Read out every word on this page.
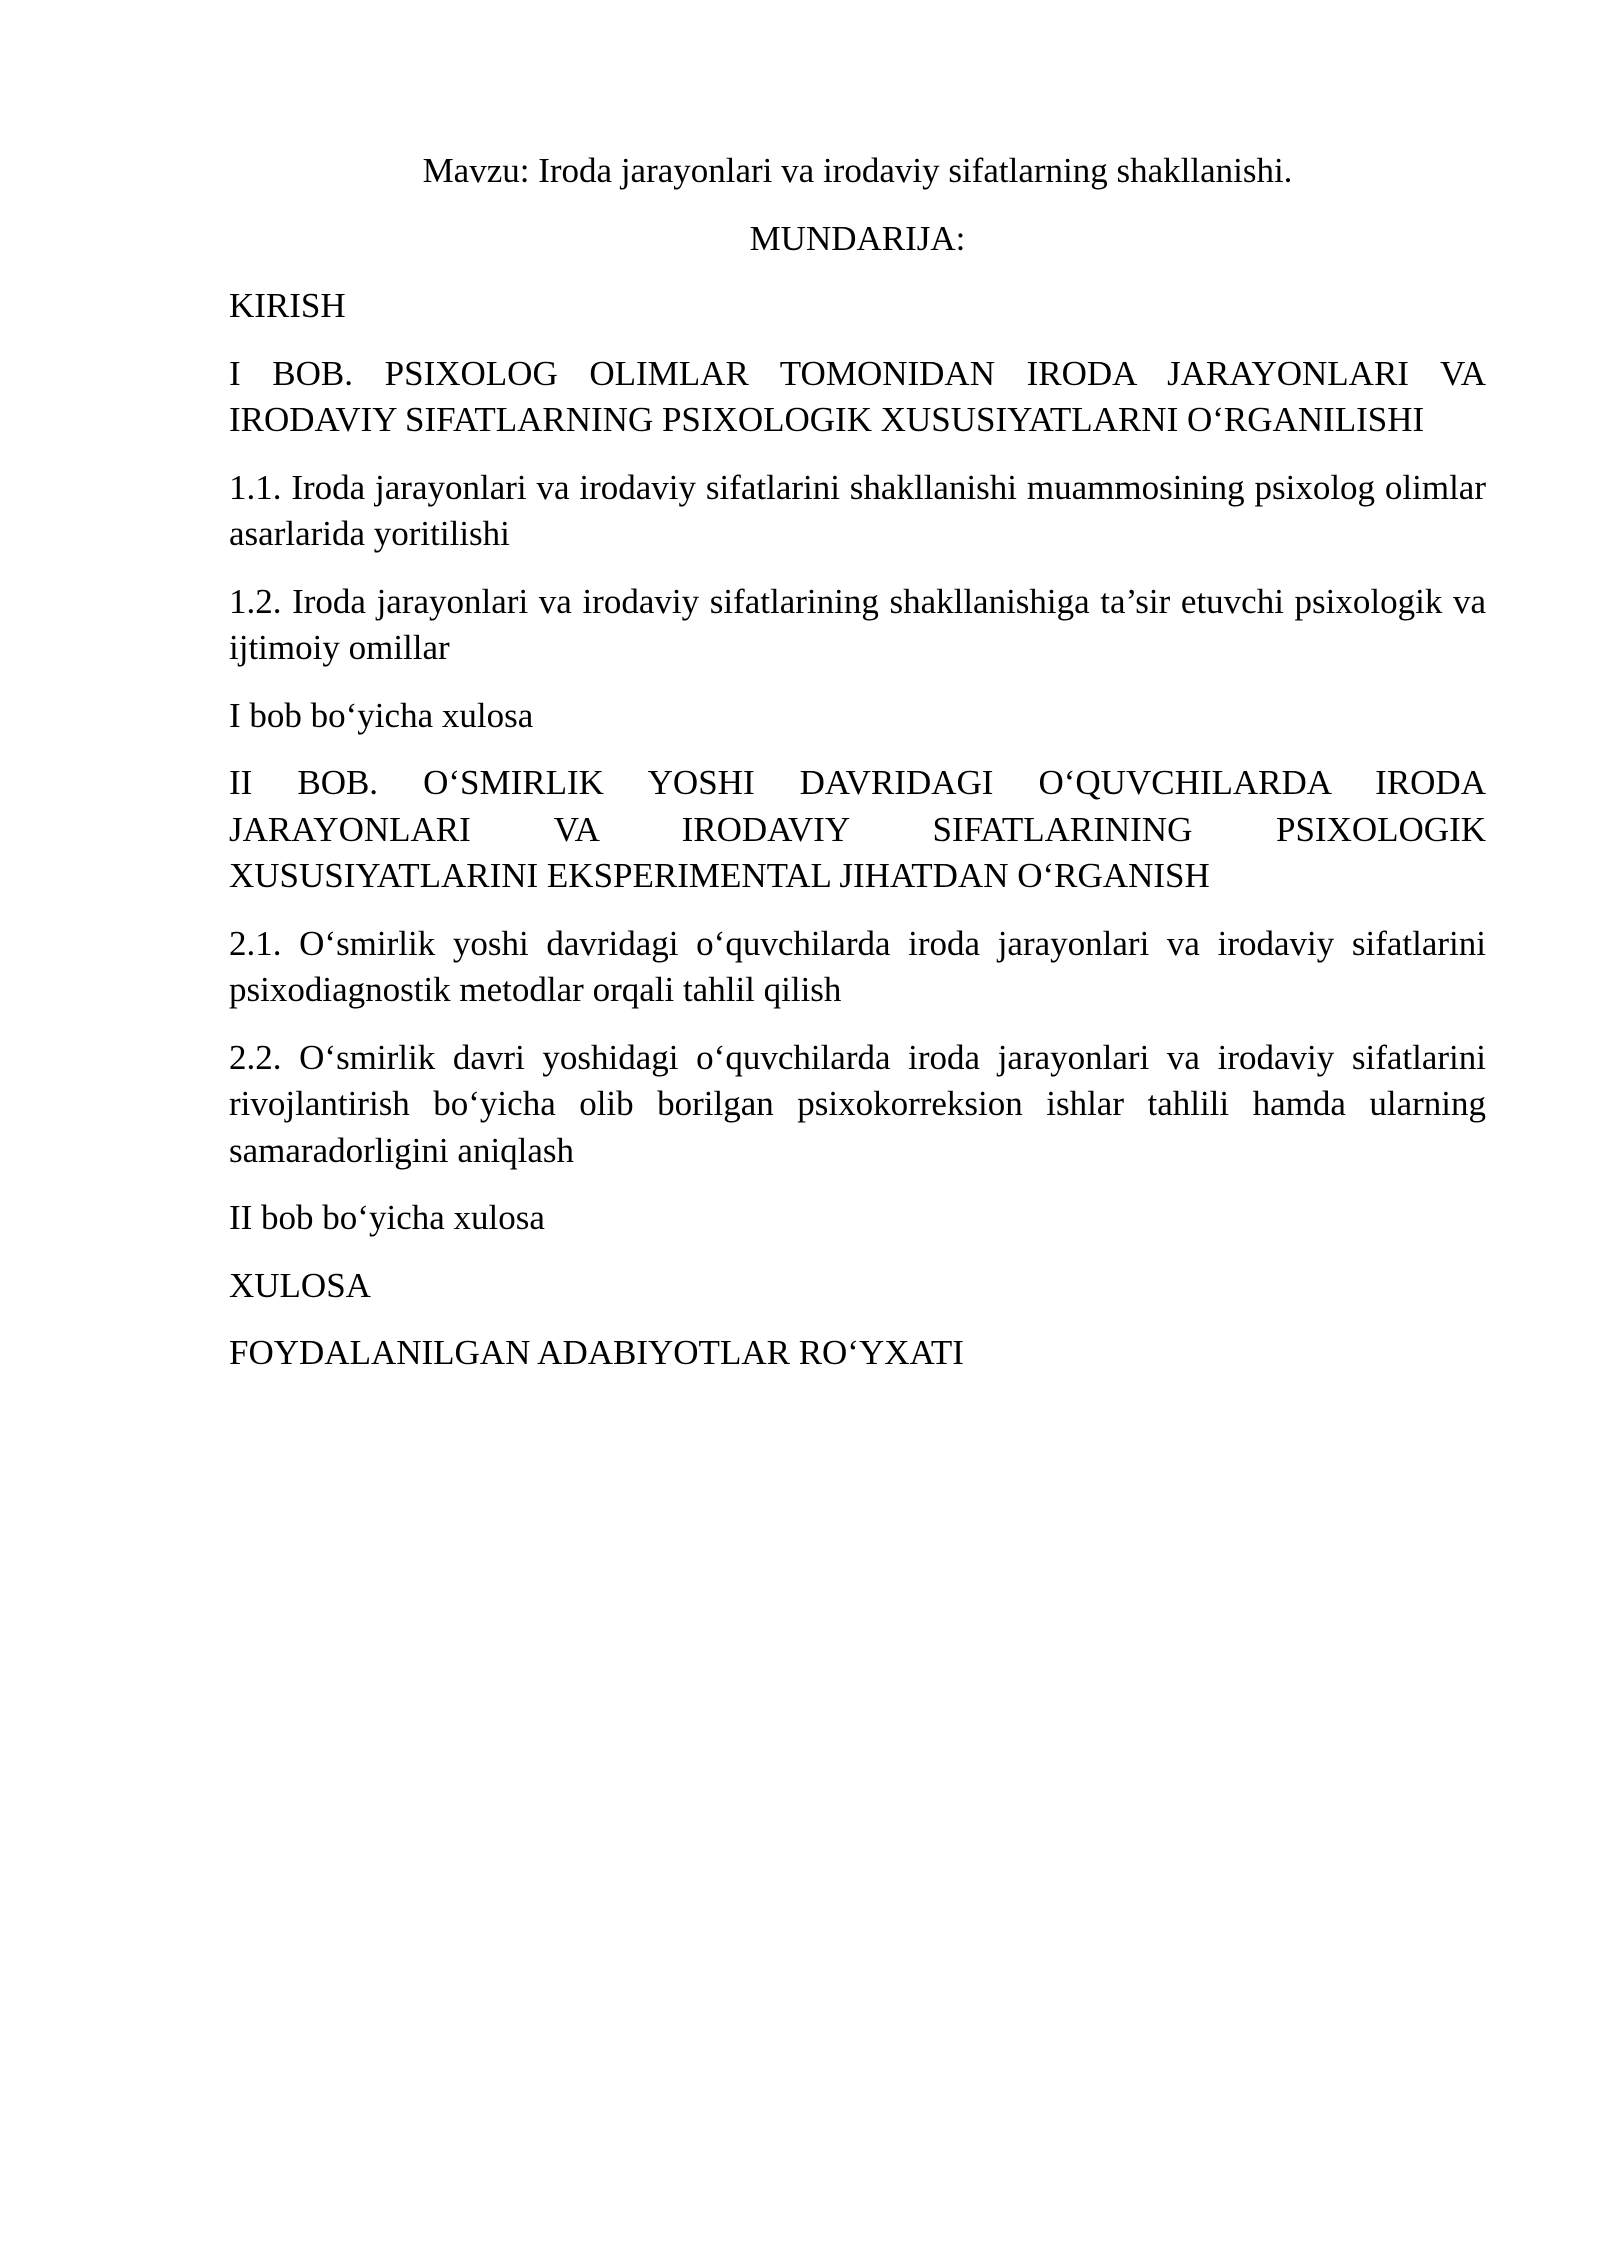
Mavzu: Iroda jarayonlari va irodaviy sifatlarning shakllanishi.

MUNDARIJA:

KIRISH
I BOB. PSIXOLOG OLIMLAR TOMONIDAN IRODA JARAYONLARI VA IRODAVIY SIFATLARNING PSIXOLOGIK XUSUSIYATLARNI O‘RGANILISHI
1.1. Iroda jarayonlari va irodaviy sifatlarini shakllanishi muammosining psixolog olimlar asarlarida yoritilishi
1.2. Iroda jarayonlari va irodaviy sifatlarining shakllanishiga ta’sir etuvchi psixologik va ijtimoiy omillar
I bob bo‘yicha xulosa
II BOB. O‘SMIRLIK YOSHI DAVRIDAGI O‘QUVCHILARDA IRODA JARAYONLARI VA IRODAVIY SIFATLARINING PSIXOLOGIK XUSUSIYATLARINI EKSPERIMENTAL JIHATDAN O‘RGANISH
2.1. O‘smirlik yoshi davridagi o‘quvchilarda iroda jarayonlari va irodaviy sifatlarini psixodiagnostik metodlar orqali tahlil qilish
2.2. O‘smirlik davri yoshidagi o‘quvchilarda iroda jarayonlari va irodaviy sifatlarini rivojlantirish bo‘yicha olib borilgan psixokorreksion ishlar tahlili hamda ularning samaradorligini aniqlash
II bob bo‘yicha xulosa
XULOSA
FOYDALANILGAN ADABIYOTLAR RO‘YXATI
